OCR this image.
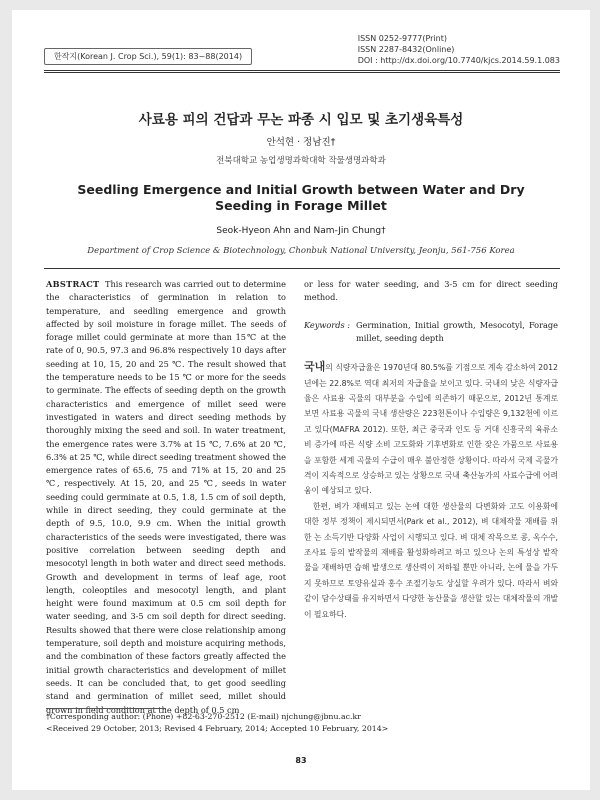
한작지(Korean J. Crop Sci.), 59(1): 83~88(2014)
ISSN 0252-9777(Print)
ISSN 2287-8432(Online)
DOI : http://dx.doi.org/10.7740/kjcs.2014.59.1.083
사료용 피의 건답과 무논 파종 시 입모 및 초기생육특성
안석현 · 정남진†
전북대학교 농업생명과학대학 작물생명과학과
Seedling Emergence and Initial Growth between Water and Dry Seeding in Forage Millet
Seok-Hyeon Ahn and Nam-Jin Chung†
Department of Crop Science & Biotechnology, Chonbuk National University, Jeonju, 561-756 Korea
ABSTRACT This research was carried out to determine the characteristics of germination in relation to temperature, and seedling emergence and growth affected by soil moisture in forage millet. The seeds of forage millet could germinate at more than 15℃ at the rate of 0, 90.5, 97.3 and 96.8% respectively 10 days after seeding at 10, 15, 20 and 25 ℃. The result showed that the temperature needs to be 15 ℃ or more for the seeds to germinate. The effects of seeding depth on the growth characteristics and emergence of millet seed were investigated in waters and direct seeding methods by thoroughly mixing the seed and soil. In water treatment, the emergence rates were 3.7% at 15 ℃, 7.6% at 20 ℃, 6.3% at 25 ℃, while direct seeding treatment showed the emergence rates of 65.6, 75 and 71% at 15, 20 and 25 ℃, respectively. At 15, 20, and 25 ℃, seeds in water seeding could germinate at 0.5, 1.8, 1.5 cm of soil depth, while in direct seeding, they could germinate at the depth of 9.5, 10.0, 9.9 cm. When the initial growth characteristics of the seeds were investigated, there was positive correlation between seeding depth and mesocotyl length in both water and direct seed methods. Growth and development in terms of leaf age, root length, coleoptiles and mesocotyl length, and plant height were found maximum at 0.5 cm soil depth for water seeding, and 3-5 cm soil depth for direct seeding. Results showed that there were close relationship among temperature, soil depth and moisture acquiring methods, and the combination of these factors greatly affected the initial growth characteristics and development of millet seeds. It can be concluded that, to get good seedling stand and germination of millet seed, millet should grown in field condition at the depth of 0.5 cm
or less for water seeding, and 3-5 cm for direct seeding method.
Keywords : Germination, Initial growth, Mesocotyl, Forage millet, seeding depth

국내의 식량자급율은 1970년대 80.5%를 기점으로 계속 감소하여 2012년에는 22.8%로 역대 최저의 자급율을 보이고 있다. 국내의 낮은 식량자급율은 사료용 곡물의 대부분을 수입에 의존하기 때문으로, 2012년 통계로 보면 사료용 곡물의 국내 생산량은 223천톤이나 수입량은 9,132천에 이르고 있다(MAFRA 2012). 또한, 최근 중국과 인도 등 거대 신흥국의 육류소비 증가에 따른 식량 소비 고도화와 기후변화로 인한 잦은 가뭄으로 사료용을 포함한 세계 곡물의 수급이 매우 불안정한 상황이다. 따라서 국제 곡물가격이 지속적으로 상승하고 있는 상황으로 국내 축산농가의 사료수급에 어려움이 예상되고 있다.

한편, 벼가 재배되고 있는 논에 대한 생산물의 다변화와 고도 이용화에 대한 정부 정책이 제시되면서(Park et al., 2012), 벼 대체작물 재배를 위한 논 소득기반 다양화 사업이 시행되고 있다. 벼 대체 작목으로 콩, 옥수수, 조사료 등의 밭작물의 재배를 활성화하려고 하고 있으나 논의 특성상 밭작물을 재배하면 습해 발생으로 생산력이 저하될 뿐만 아니라, 논에 물을 가두지 못하므로 토양유실과 홍수 조절기능도 상실할 우려가 있다. 따라서 벼와 같이 담수상태를 유지하면서 다양한 농산물을 생산할 있는 대체작물의 개발이 필요하다.

†Corresponding author: (Phone) +82-63-270-2512 (E-mail) njchung@jbnu.ac.kr
<Received 29 October, 2013; Revised 4 February, 2014; Accepted 10 February, 2014>
83
